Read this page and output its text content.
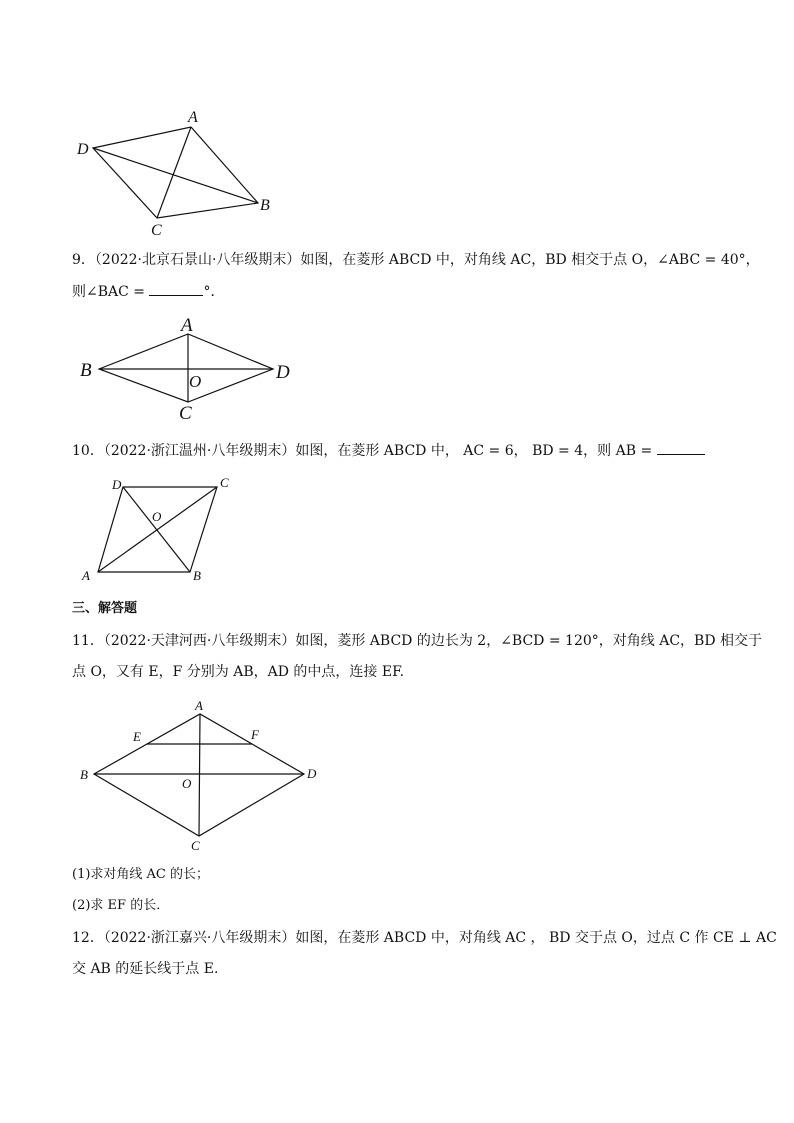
A
D
B
C
9．（2022·北京石景山·八年级期末）如图，在菱形 ABCD 中，对角线 AC，BD 相交于点 O，∠ABC = 40°，
则∠BAC =	°．
A
B	D
O
C
10．（2022·浙江温州·八年级期末）如图，在菱形 ABCD 中， AC = 6， BD = 4，则 AB =
D	C
O
A	B
三、解答题
11．（2022·天津河西·八年级期末）如图，菱形 ABCD 的边长为 2，∠BCD = 120°，对角线 AC，BD 相交于
点 O，又有 E，F 分别为 AB，AD 的中点，连接 EF.
A
E	F
B	D
O
C
(1)求对角线 AC 的长；
(2)求 EF 的长．
12．（2022·浙江嘉兴·八年级期末）如图，在菱形 ABCD 中，对角线 AC ， BD 交于点 O，过点 C 作 CE ⊥ AC
交 AB 的延长线于点 E.
